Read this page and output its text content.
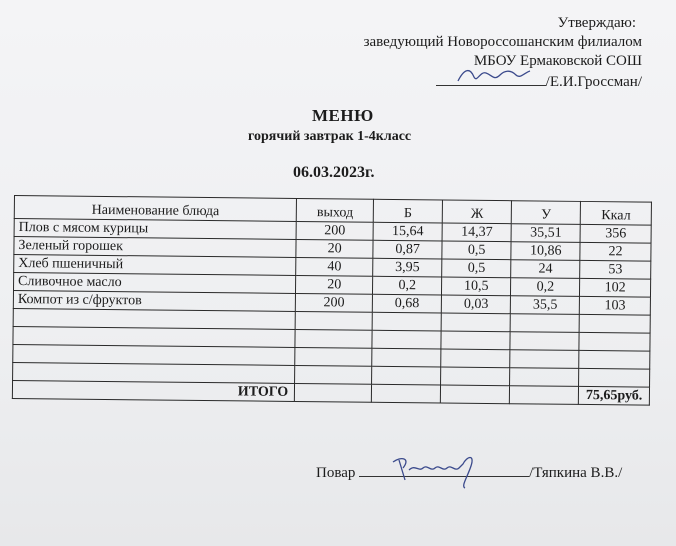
Утверждаю:
заведующий Новороссошанским филиалом
МБОУ Ермаковской СОШ
/Е.И.Гроссман/
МЕНЮ
горячий завтрак 1-4класс
06.03.2023г.
Наименование блюда	выход	Б	Ж	У	Ккал
Плов с мясом курицы	200	15,64	14,37	35,51	356
Зеленый горошек	20	0,87	0,5	10,86	22
Хлеб пшеничный	40	3,95	0,5	24	53
Сливочное масло	20	0,2	10,5	0,2	102
Компот из с/фруктов	200	0,68	0,03	35,5	103

ИТОГО					75,65руб.
Повар	/Тяпкина В.В./
